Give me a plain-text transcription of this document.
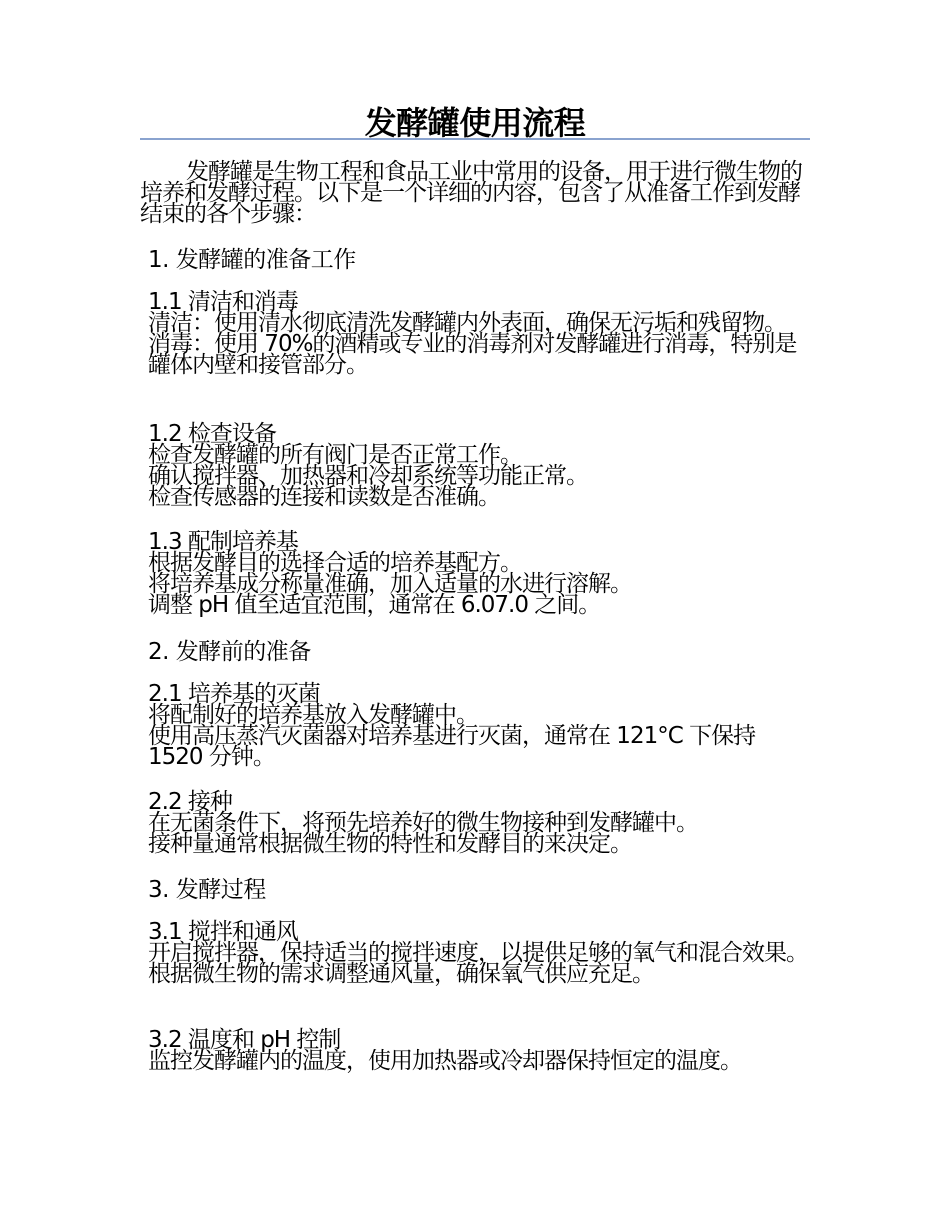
发酵罐使用流程

发酵罐是生物工程和食品工业中常用的设备，用于进行微生物的培养和发酵过程。以下是一个详细的内容，包含了从准备工作到发酵结束的各个步骤：

1. 发酵罐的准备工作
1.1 清洁和消毒

清洁：使用清水彻底清洗发酵罐内外表面，确保无污垢和残留物。

消毒：使用 70%的酒精或专业的消毒剂对发酵罐进行消毒，特别是罐体内壁和接管部分。

1.2 检查设备

检查发酵罐的所有阀门是否正常工作。

确认搅拌器、加热器和冷却系统等功能正常。

检查传感器的连接和读数是否准确。

1.3 配制培养基

根据发酵目的选择合适的培养基配方。

将培养基成分称量准确，加入适量的水进行溶解。

调整 pH 值至适宜范围，通常在 6.07.0 之间。

2. 发酵前的准备
2.1 培养基的灭菌

将配制好的培养基放入发酵罐中。

使用高压蒸汽灭菌器对培养基进行灭菌，通常在 121°C 下保持 1520 分钟。

2.2 接种

在无菌条件下，将预先培养好的微生物接种到发酵罐中。

接种量通常根据微生物的特性和发酵目的来决定。

3. 发酵过程
3.1 搅拌和通风

开启搅拌器，保持适当的搅拌速度，以提供足够的氧气和混合效果。

根据微生物的需求调整通风量，确保氧气供应充足。

3.2 温度和 pH 控制

监控发酵罐内的温度，使用加热器或冷却器保持恒定的温度。
